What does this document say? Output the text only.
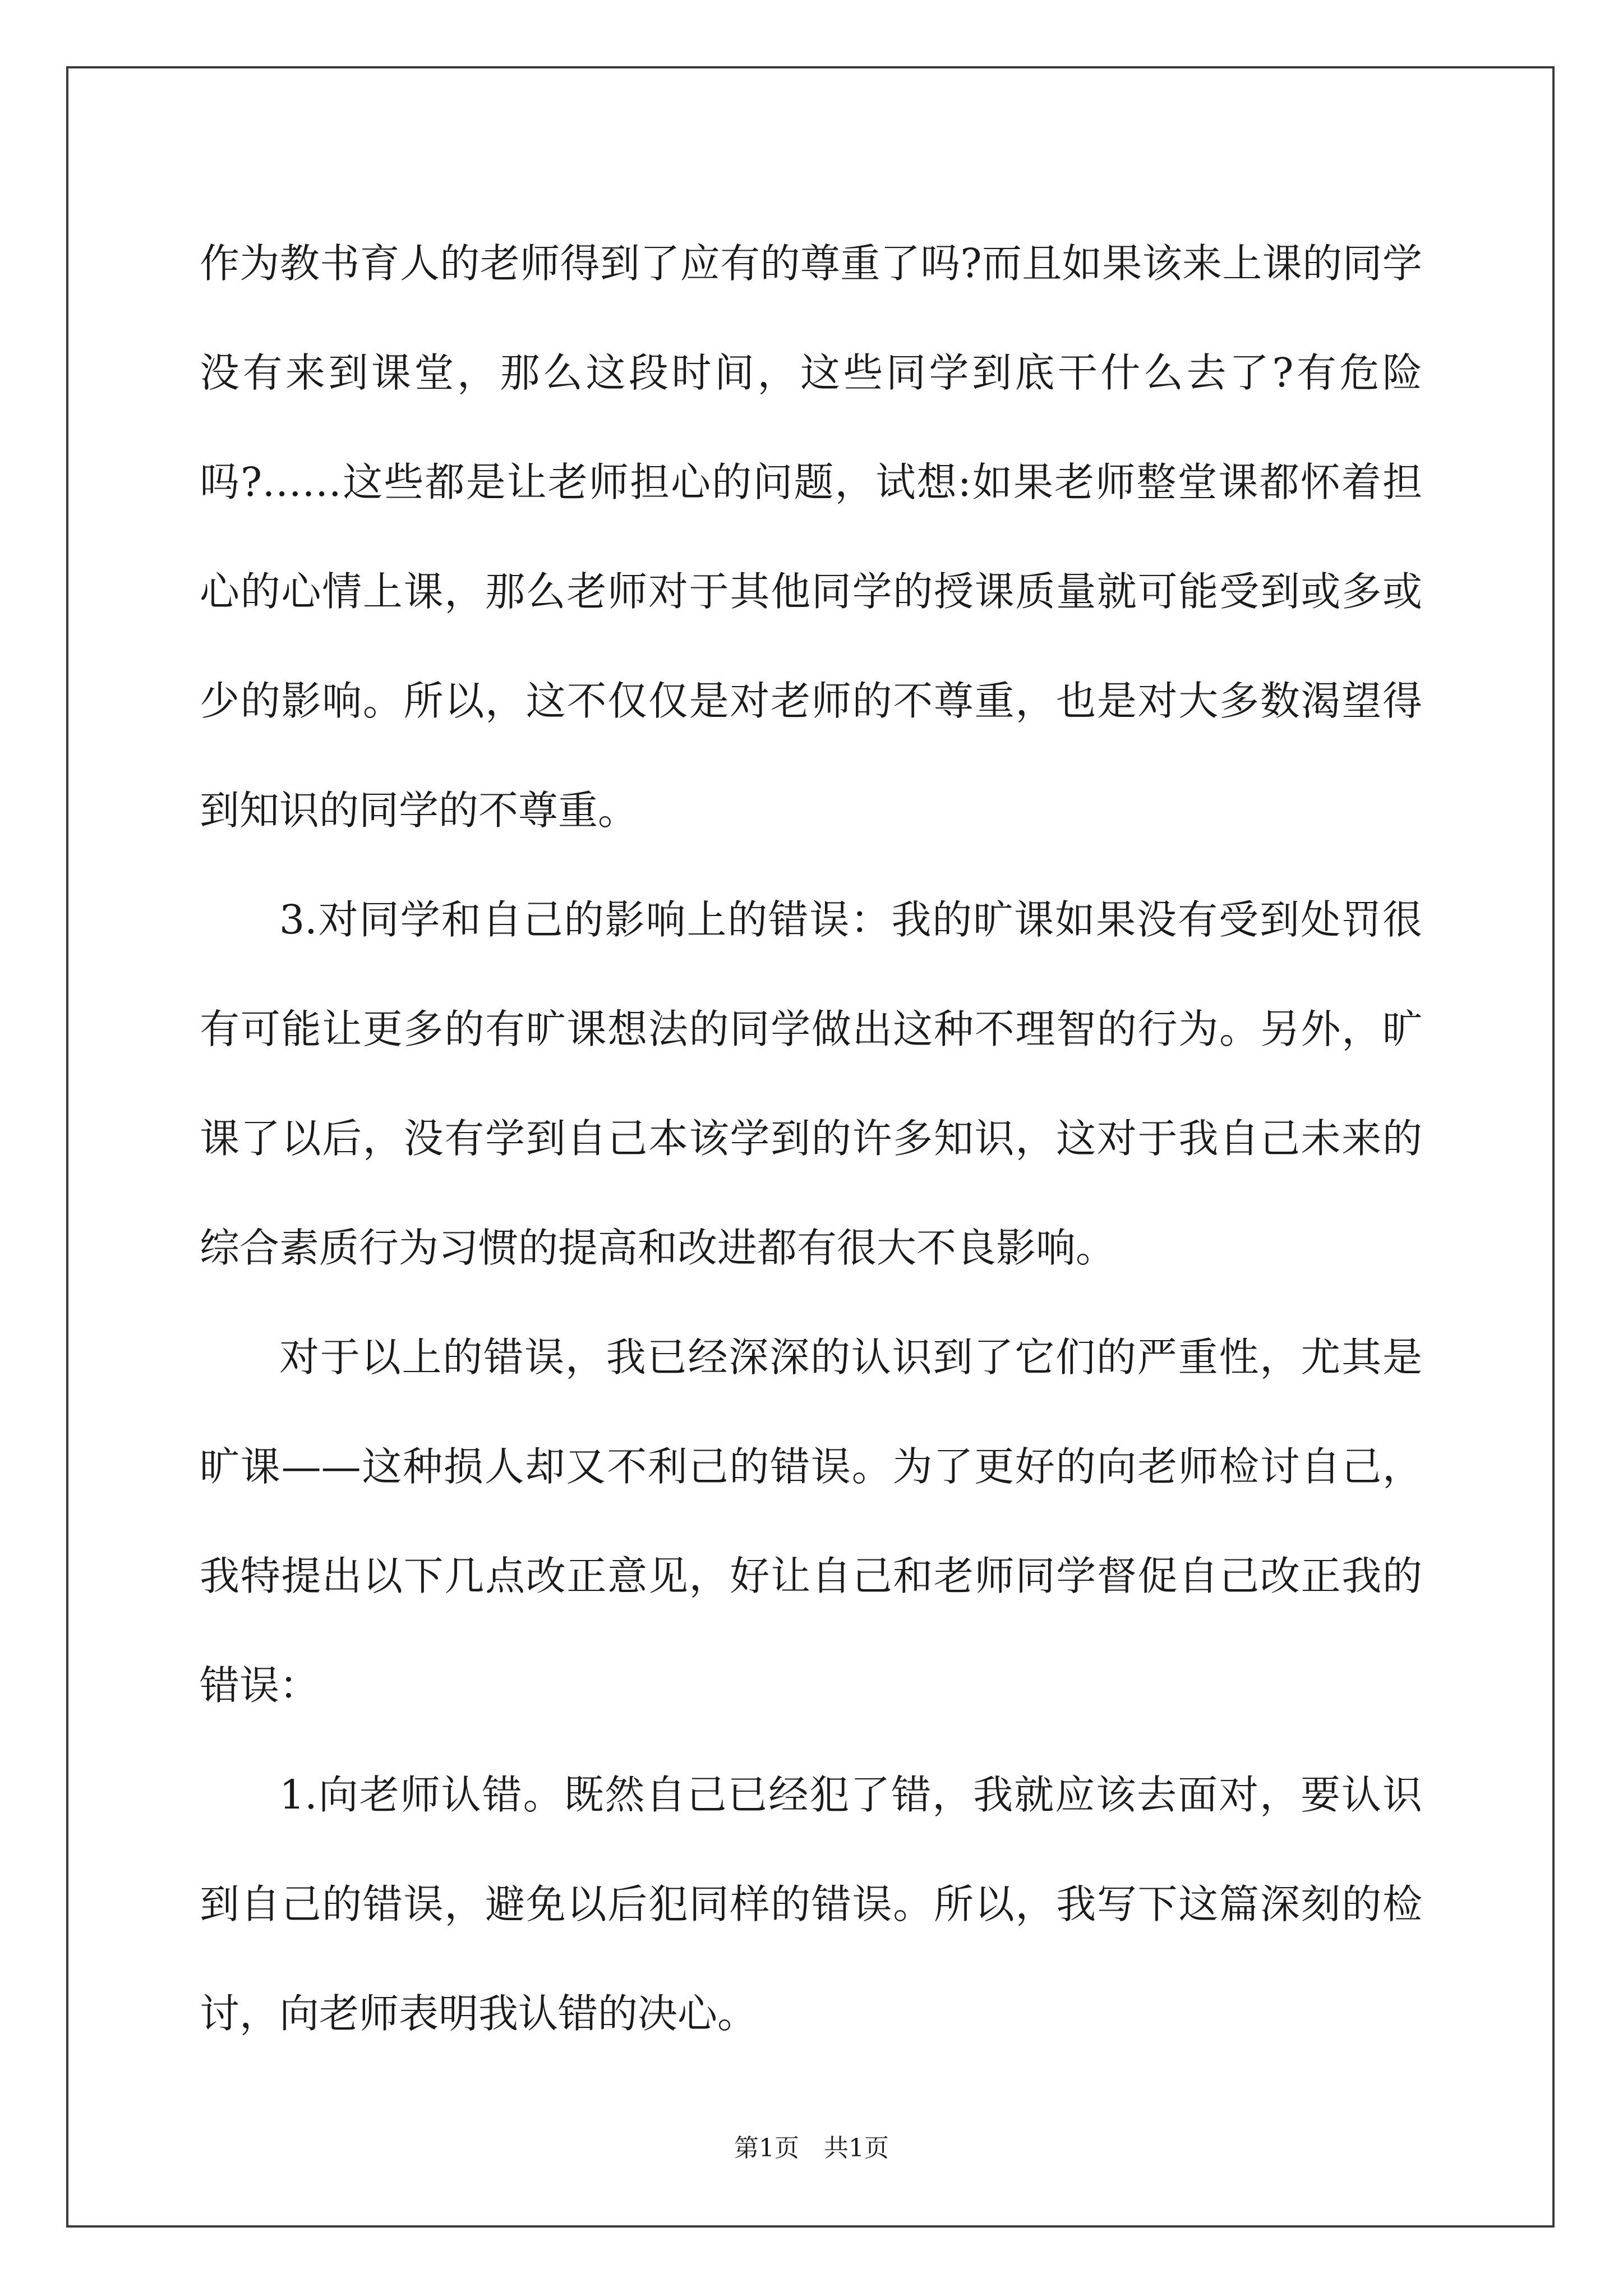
作为教书育人的老师得到了应有的尊重了吗?而且如果该来上课的同学没有来到课堂，那么这段时间，这些同学到底干什么去了?有危险吗?……这些都是让老师担心的问题，试想:如果老师整堂课都怀着担心的心情上课，那么老师对于其他同学的授课质量就可能受到或多或少的影响。所以，这不仅仅是对老师的不尊重，也是对大多数渴望得到知识的同学的不尊重。

3.对同学和自己的影响上的错误：我的旷课如果没有受到处罚很有可能让更多的有旷课想法的同学做出这种不理智的行为。另外，旷课了以后，没有学到自己本该学到的许多知识，这对于我自己未来的综合素质行为习惯的提高和改进都有很大不良影响。

对于以上的错误，我已经深深的认识到了它们的严重性，尤其是旷课——这种损人却又不利己的错误。为了更好的向老师检讨自己，我特提出以下几点改正意见，好让自己和老师同学督促自己改正我的错误：

1.向老师认错。既然自己已经犯了错，我就应该去面对，要认识到自己的错误，避免以后犯同样的错误。所以，我写下这篇深刻的检讨，向老师表明我认错的决心。

第1页　共1页
